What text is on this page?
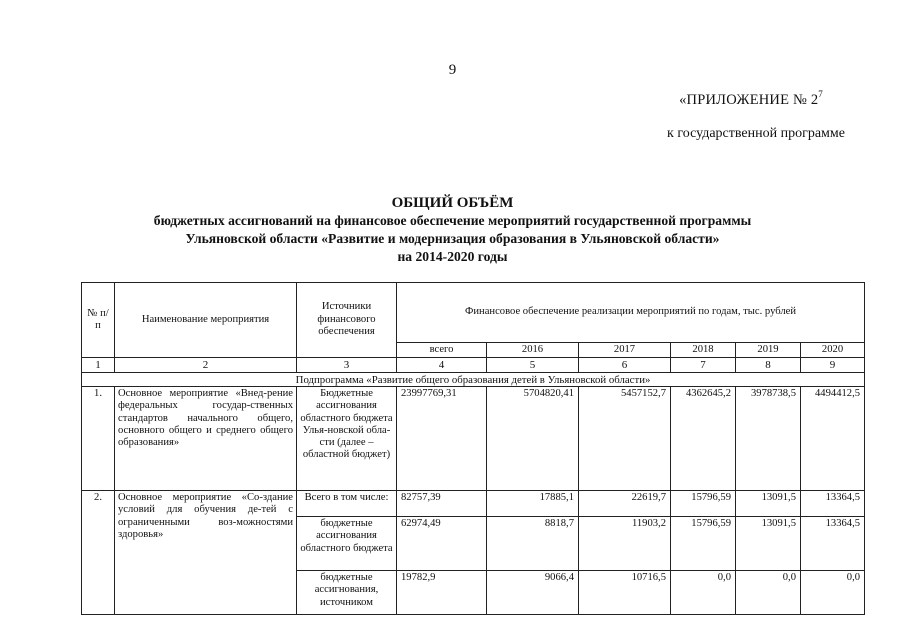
9
«ПРИЛОЖЕНИЕ № $2^7$
к государственной программе
ОБЩИЙ ОБЪЁМ
бюджетных ассигнований на финансовое обеспечение мероприятий государственной программы
Ульяновской области «Развитие и модернизация образования в Ульяновской области»
на 2014-2020 годы
№ п/п	Наименование мероприятия	Источники финансового обеспечения	Финансовое обеспечение реализации мероприятий по годам, тыс. рублей					
			всего	2016	2017	2018	2019	2020
1	2	3	4	5	6	7	8	9
Подпрограмма «Развитие общего образования детей в Ульяновской области»								
1.	Основное мероприятие «Внед-рение федеральных государ-ственных стандартов начального общего, основного общего и среднего общего образования»	Бюджетные ассигнования областного бюджета Улья-новской обла-сти (далее – областной бюджет)	23997769,31	5704820,41	5457152,7	4362645,2	3978738,5	4494412,5
2.	Основное мероприятие «Со-здание условий для обучения де-тей с ограниченными воз-можностями здоровья»	Всего в том числе:	82757,39	17885,1	22619,7	15796,59	13091,5	13364,5
		бюджетные ассигнования областного бюджета	62974,49	8818,7	11903,2	15796,59	13091,5	13364,5
		бюджетные ассигнования, источником	19782,9	9066,4	10716,5	0,0	0,0	0,0
